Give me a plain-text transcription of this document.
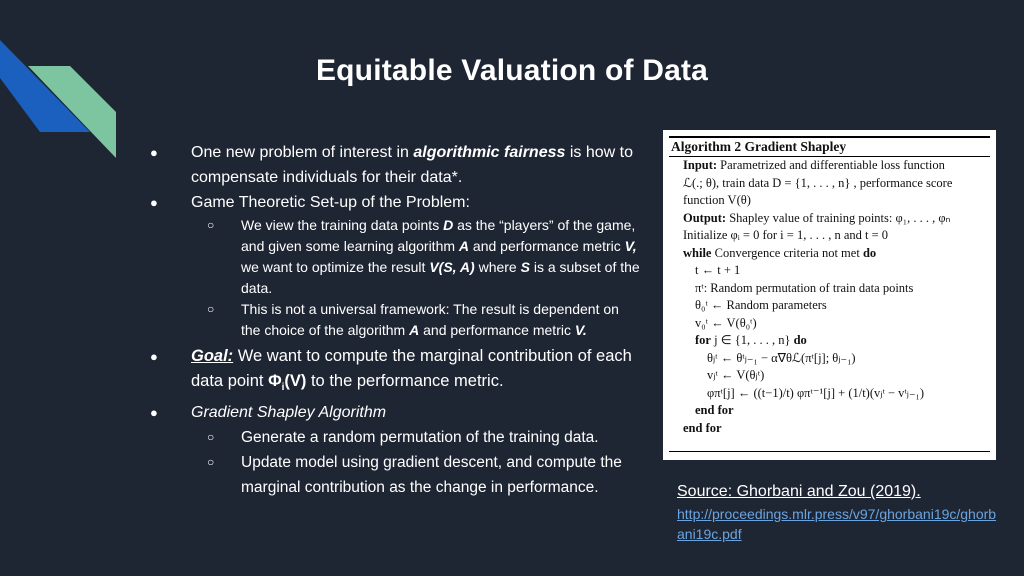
Equitable Valuation of Data
● One new problem of interest in algorithmic fairness is how to compensate individuals for their data*.
● Game Theoretic Set-up of the Problem:
○ We view the training data points D as the “players” of the game, and given some learning algorithm A and performance metric V, we want to optimize the result V(S, A) where S is a subset of the data.
○ This is not a universal framework: The result is dependent on the choice of the algorithm A and performance metric V.
● Goal: We want to compute the marginal contribution of each data point $\Phi_i(V)$ to the performance metric.
● Gradient Shapley Algorithm
○ Generate a random permutation of the training data.
○ Update model using gradient descent, and compute the marginal contribution as the change in performance.
Algorithm 2 Gradient Shapley
Input: Parametrized and differentiable loss function
ℒ(.; θ), train data D = {1, . . . , n} , performance score
function V(θ)
Output: Shapley value of training points: φ₁, . . . , φₙ
Initialize φᵢ = 0 for i = 1, . . . , n and t = 0
while Convergence criteria not met do
t ← t + 1
πᵗ: Random permutation of train data points
θ₀ᵗ ← Random parameters
v₀ᵗ ← V(θ₀ᵗ)
for j ∈ {1, . . . , n} do
θⱼᵗ ← θᵗⱼ₋₁ − α∇θℒ(πᵗ[j]; θⱼ₋₁)
vⱼᵗ ← V(θⱼᵗ)
φπᵗ[j] ← ((t−1)/t) φπᵗ⁻¹[j] + (1/t)(vⱼᵗ − vᵗⱼ₋₁)
end for
end for
Source: Ghorbani and Zou (2019).
http://proceedings.mlr.press/v97/ghorbani19c/ghorbani19c.pdf
